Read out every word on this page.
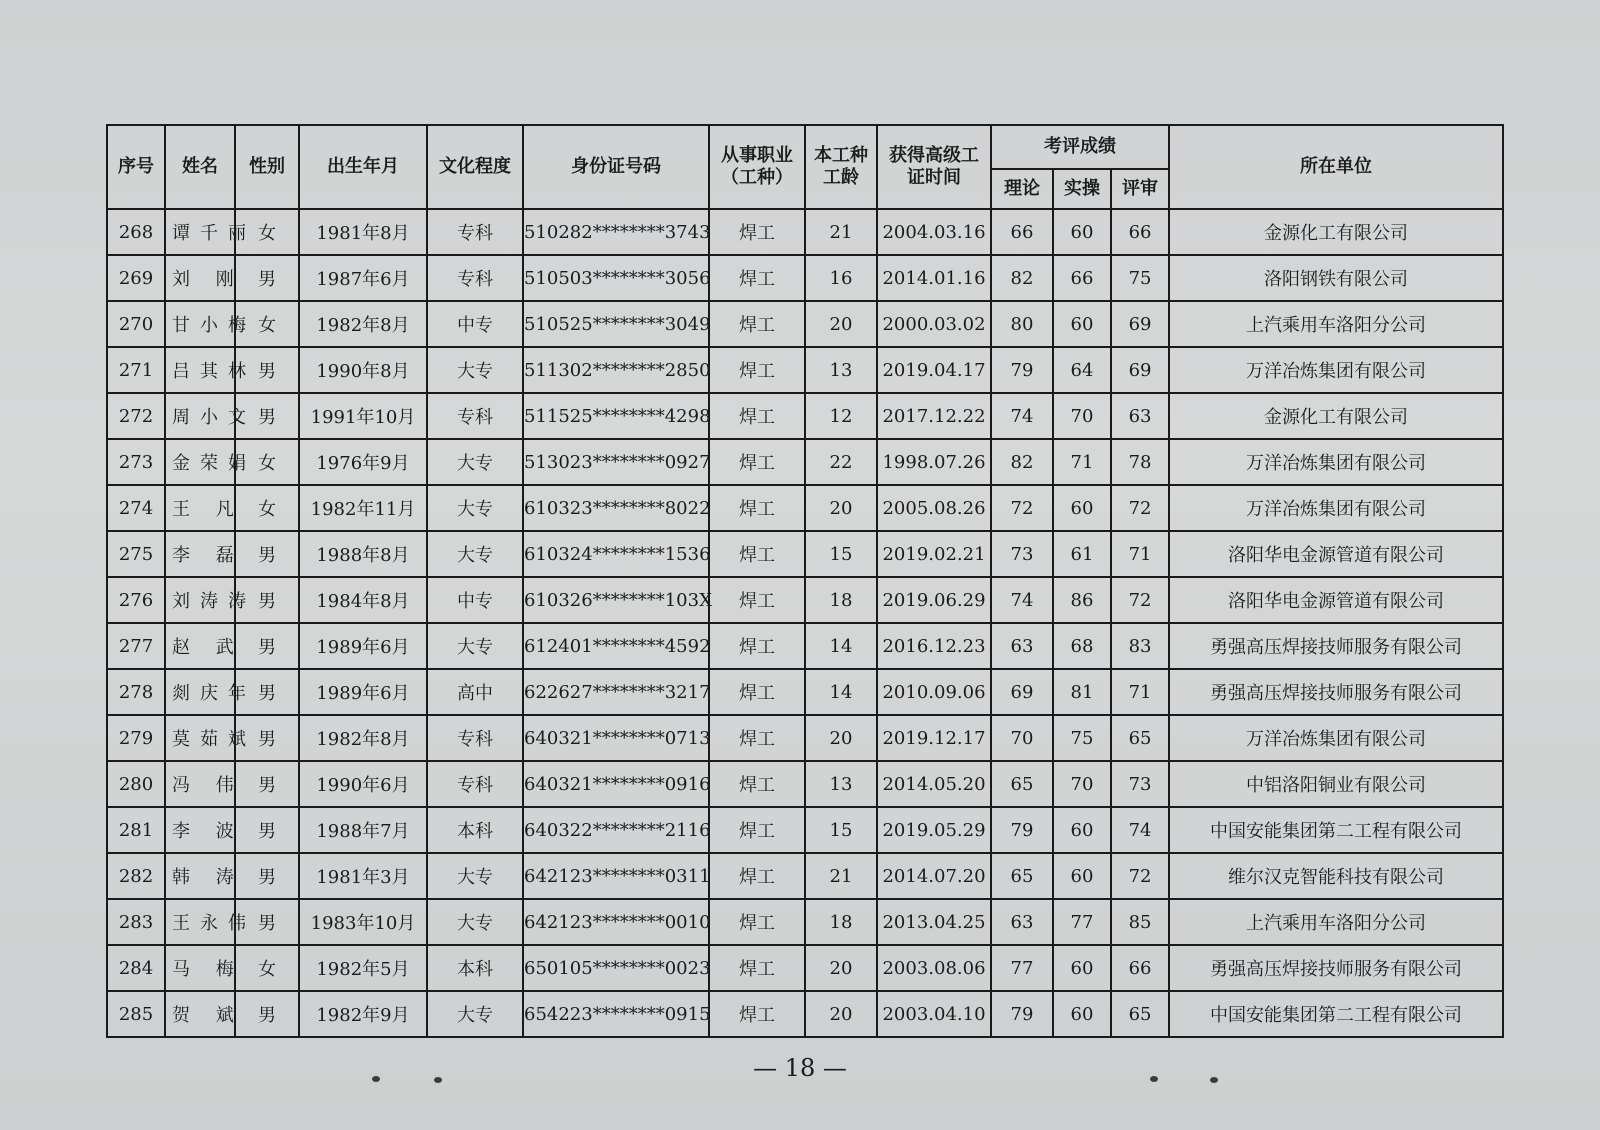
序号	姓名	性别	出生年月	文化程度	身份证号码	从事职业（工种）	本工种工龄	获得高级工证时间	考评成绩			所在单位
									理论	实操	评审	
268	谭千丽	女	1981年8月	专科	510282********3743	焊工	21	2004.03.16	66	60	66	金源化工有限公司
269	刘 刚	男	1987年6月	专科	510503********3056	焊工	16	2014.01.16	82	66	75	洛阳钢铁有限公司
270	甘小梅	女	1982年8月	中专	510525********3049	焊工	20	2000.03.02	80	60	69	上汽乘用车洛阳分公司
271	吕其林	男	1990年8月	大专	511302********2850	焊工	13	2019.04.17	79	64	69	万洋冶炼集团有限公司
272	周小文	男	1991年10月	专科	511525********4298	焊工	12	2017.12.22	74	70	63	金源化工有限公司
273	金荣娟	女	1976年9月	大专	513023********0927	焊工	22	1998.07.26	82	71	78	万洋冶炼集团有限公司
274	王 凡	女	1982年11月	大专	610323********8022	焊工	20	2005.08.26	72	60	72	万洋冶炼集团有限公司
275	李 磊	男	1988年8月	大专	610324********1536	焊工	15	2019.02.21	73	61	71	洛阳华电金源管道有限公司
276	刘涛涛	男	1984年8月	中专	610326********103X	焊工	18	2019.06.29	74	86	72	洛阳华电金源管道有限公司
277	赵 武	男	1989年6月	大专	612401********4592	焊工	14	2016.12.23	63	68	83	勇强高压焊接技师服务有限公司
278	剡庆年	男	1989年6月	高中	622627********3217	焊工	14	2010.09.06	69	81	71	勇强高压焊接技师服务有限公司
279	莫茹斌	男	1982年8月	专科	640321********0713	焊工	20	2019.12.17	70	75	65	万洋冶炼集团有限公司
280	冯 伟	男	1990年6月	专科	640321********0916	焊工	13	2014.05.20	65	70	73	中铝洛阳铜业有限公司
281	李 波	男	1988年7月	本科	640322********2116	焊工	15	2019.05.29	79	60	74	中国安能集团第二工程有限公司
282	韩 涛	男	1981年3月	大专	642123********0311	焊工	21	2014.07.20	65	60	72	维尔汉克智能科技有限公司
283	王永伟	男	1983年10月	大专	642123********0010	焊工	18	2013.04.25	63	77	85	上汽乘用车洛阳分公司
284	马 梅	女	1982年5月	本科	650105********0023	焊工	20	2003.08.06	77	60	66	勇强高压焊接技师服务有限公司
285	贺 斌	男	1982年9月	大专	654223********0915	焊工	20	2003.04.10	79	60	65	中国安能集团第二工程有限公司
— 18 —
